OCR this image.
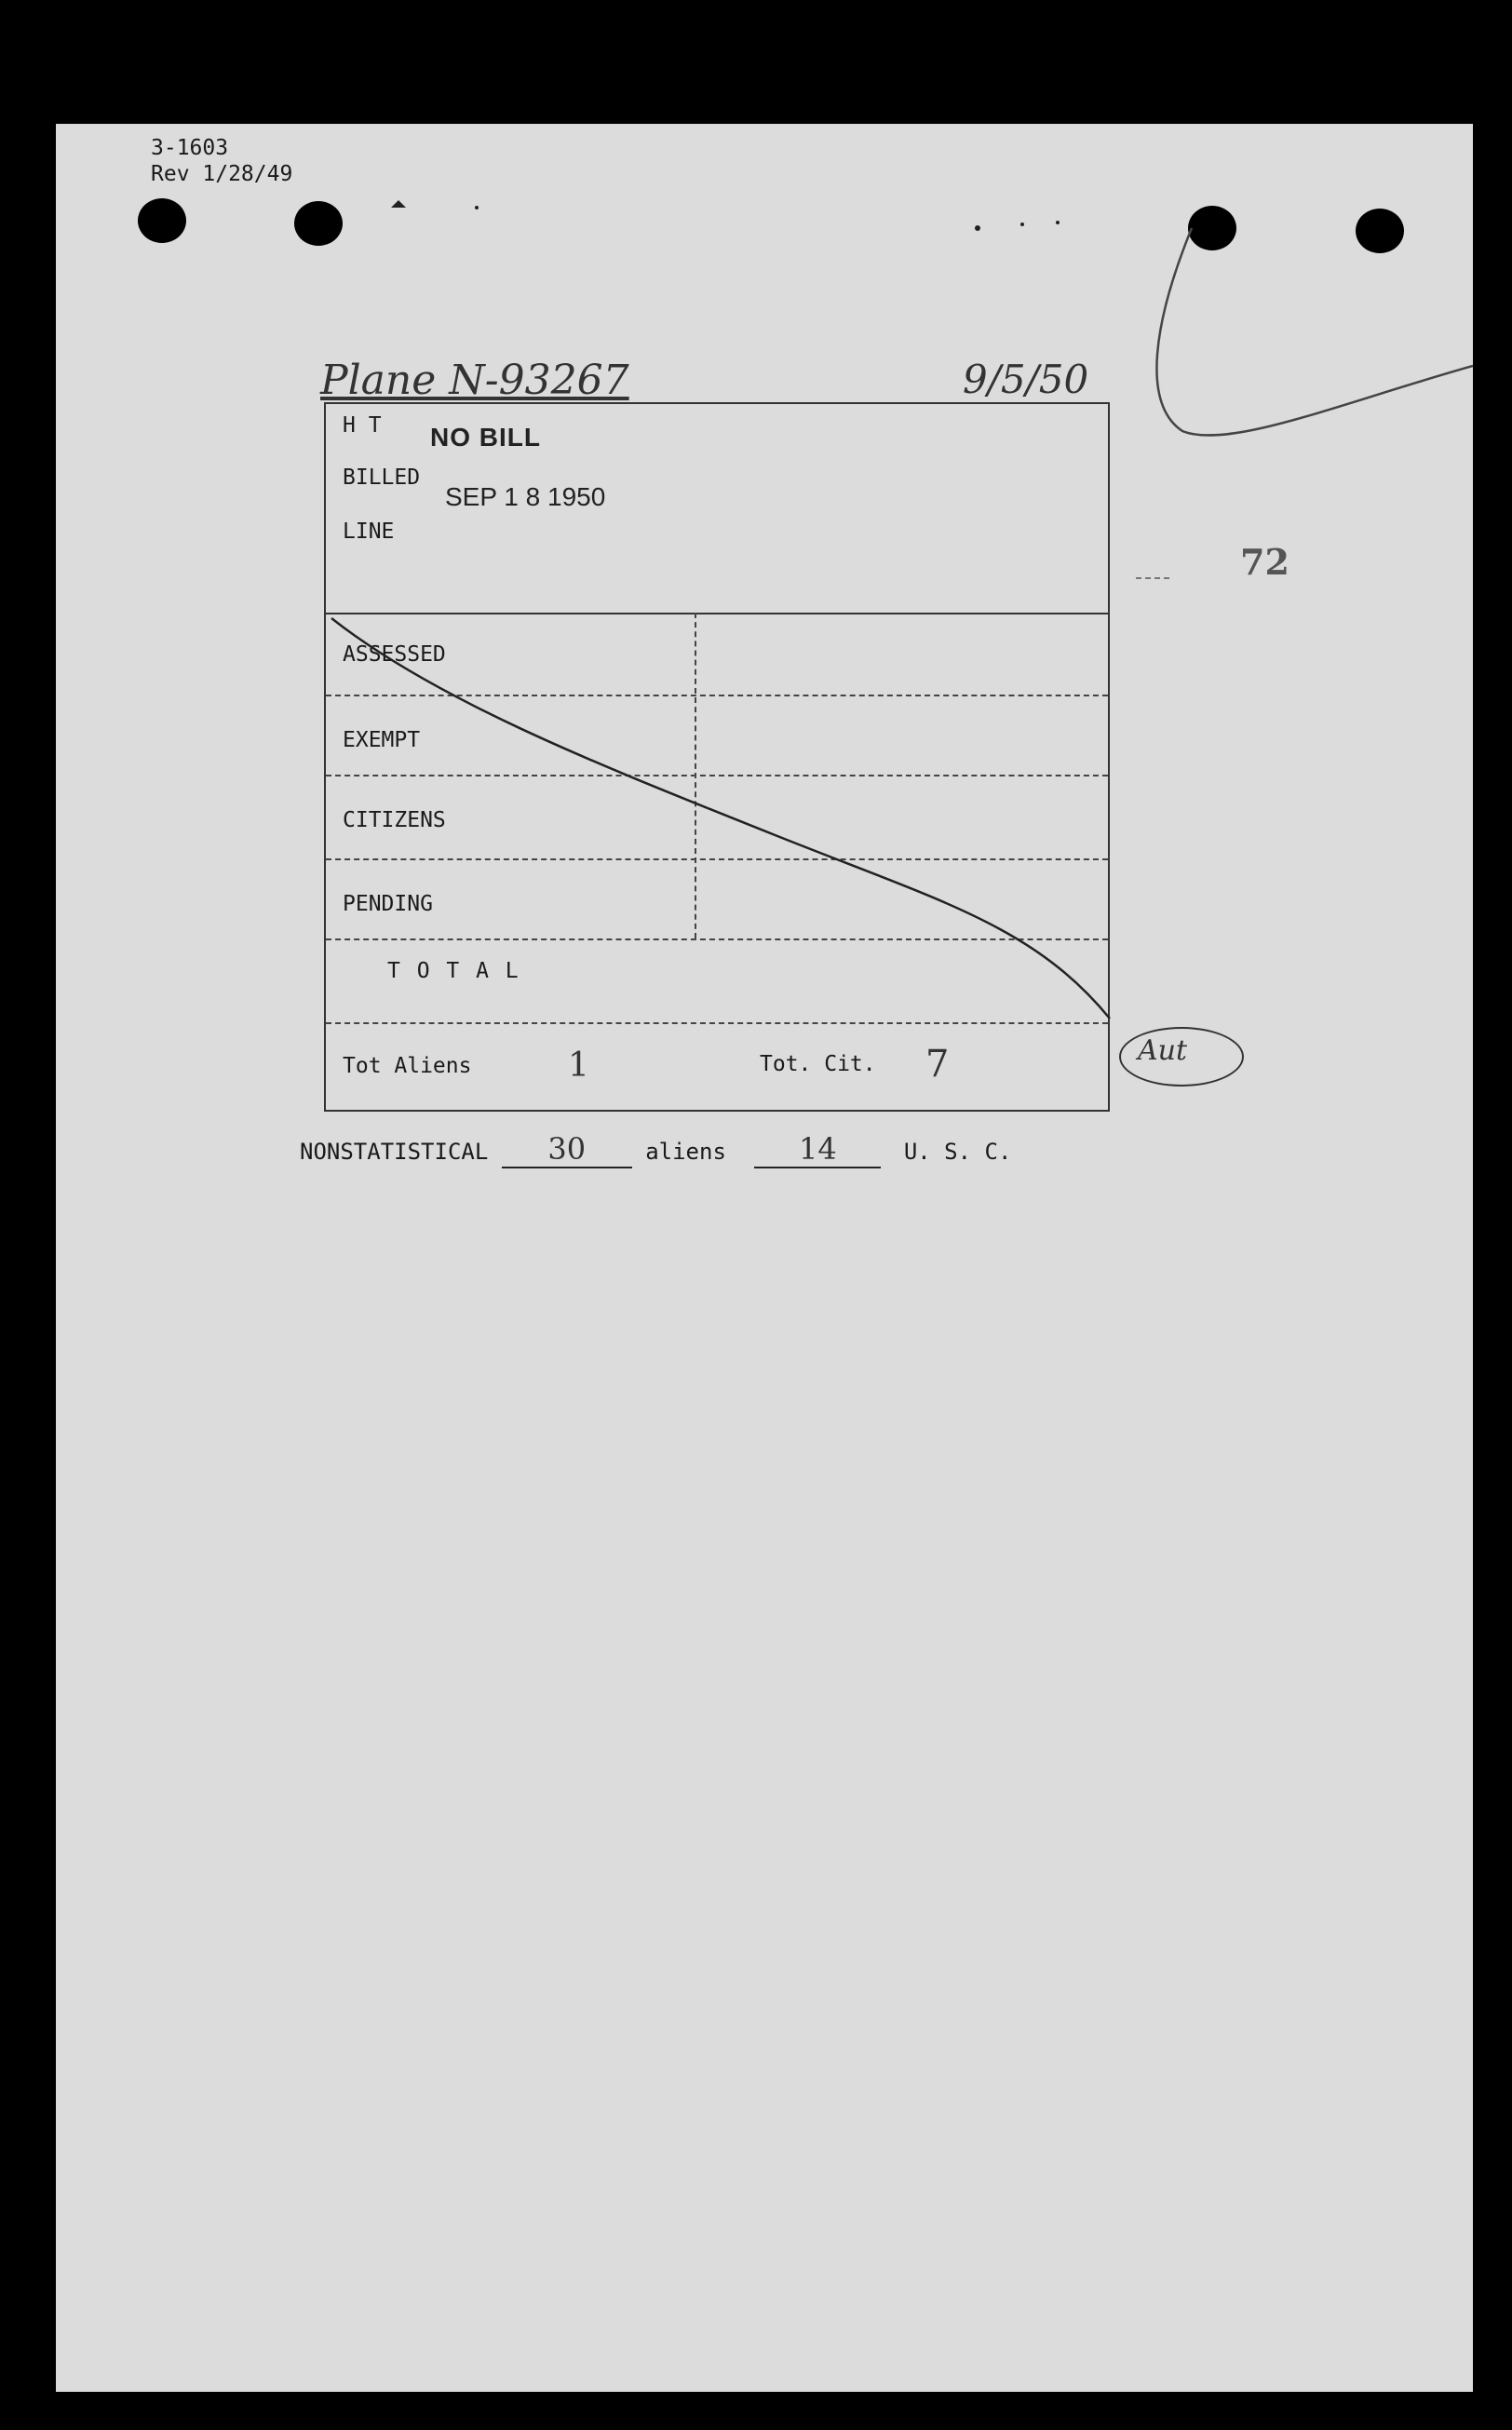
3-1603
Rev 1/28/49
Plane N-93267	9/5/50
72
H T
BILLED
LINE
NO BILL
SEP 1 8 1950
ASSESSED
EXEMPT
CITIZENS
PENDING
T O T A L
Tot Aliens	1	Tot. Cit. 7	Aut
NONSTATISTICAL 30	aliens 14	U. S. C.
